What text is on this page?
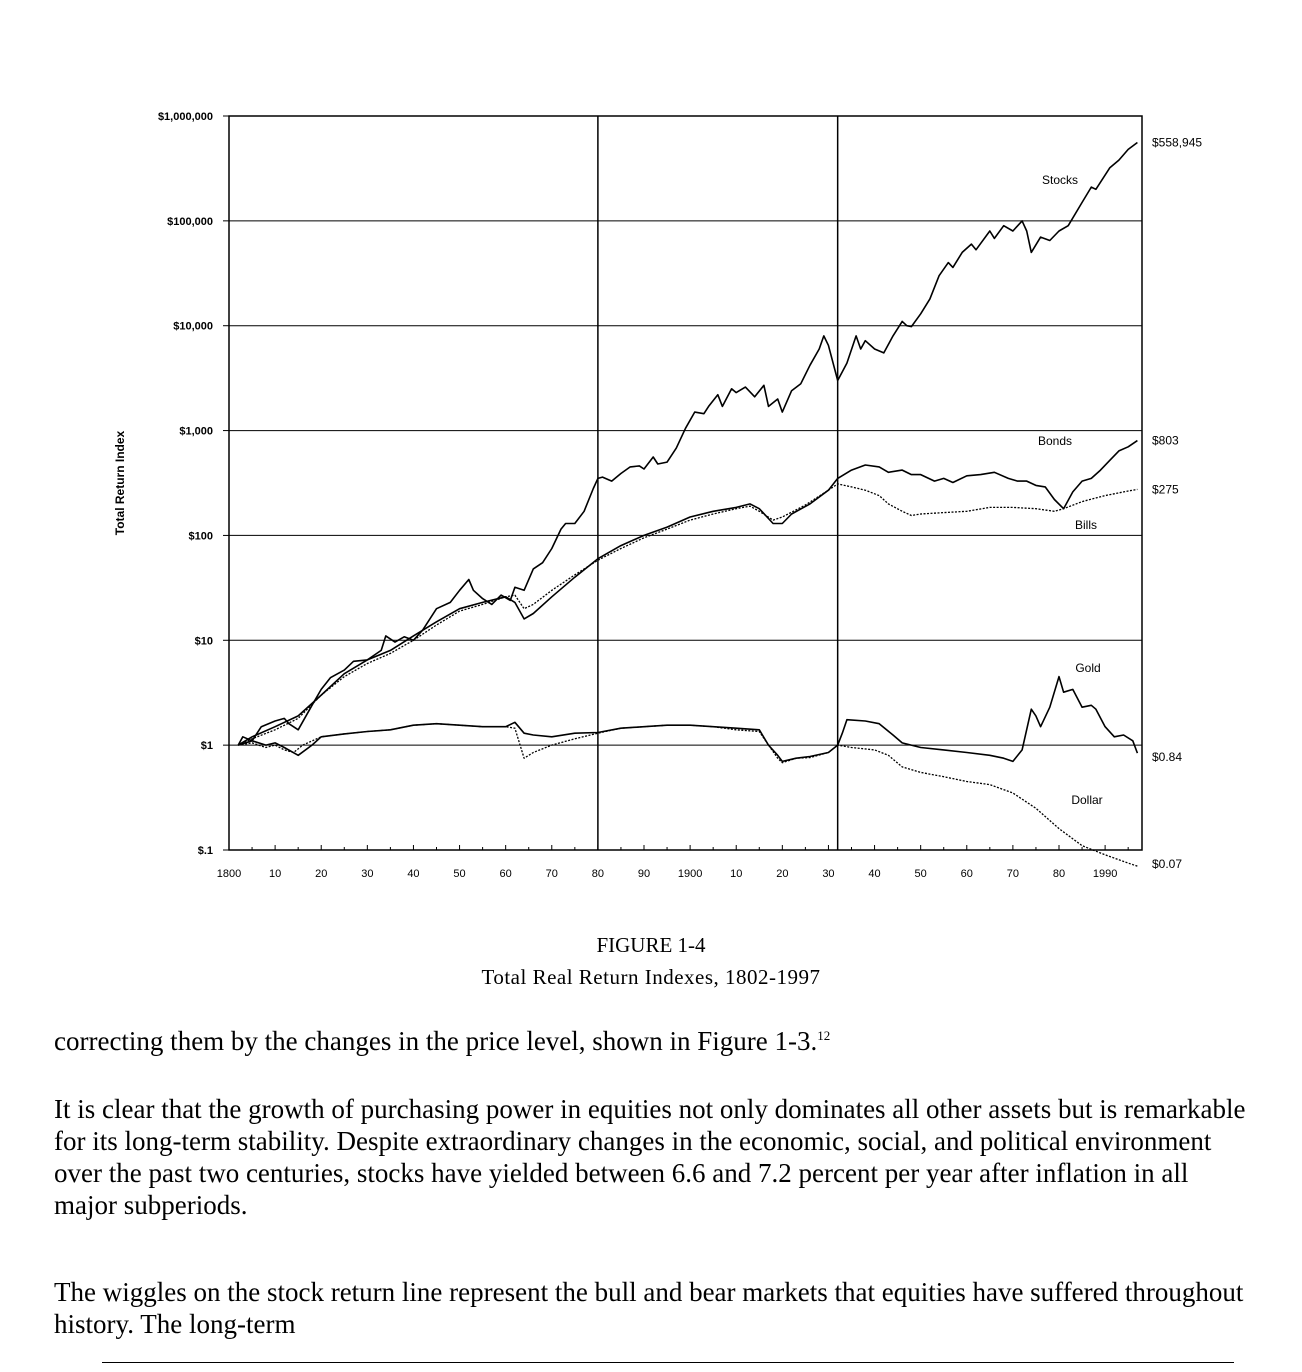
$1,000,000
$100,000
$10,000
$1,000
$100
$10
$1
$.1
1800	10	20	30	40	50	60	70	80	90	1900	10	20	30	40	50	60	70	80	1990
Stocks
Bonds
Bills
Gold
Dollar
$558,945
$803
$275
$0.84
$0.07
Total Return Index
FIGURE 1-4
Total Real Return Indexes, 1802-1997

correcting them by the changes in the price level, shown in Figure 1-3.12

It is clear that the growth of purchasing power in equities not only dominates all other assets but is remarkable for its long-term stability. Despite extraordinary changes in the economic, social, and political environment over the past two centuries, stocks have yielded between 6.6 and 7.2 percent per year after inflation in all major subperiods.

The wiggles on the stock return line represent the bull and bear markets that equities have suffered throughout history. The long-term
